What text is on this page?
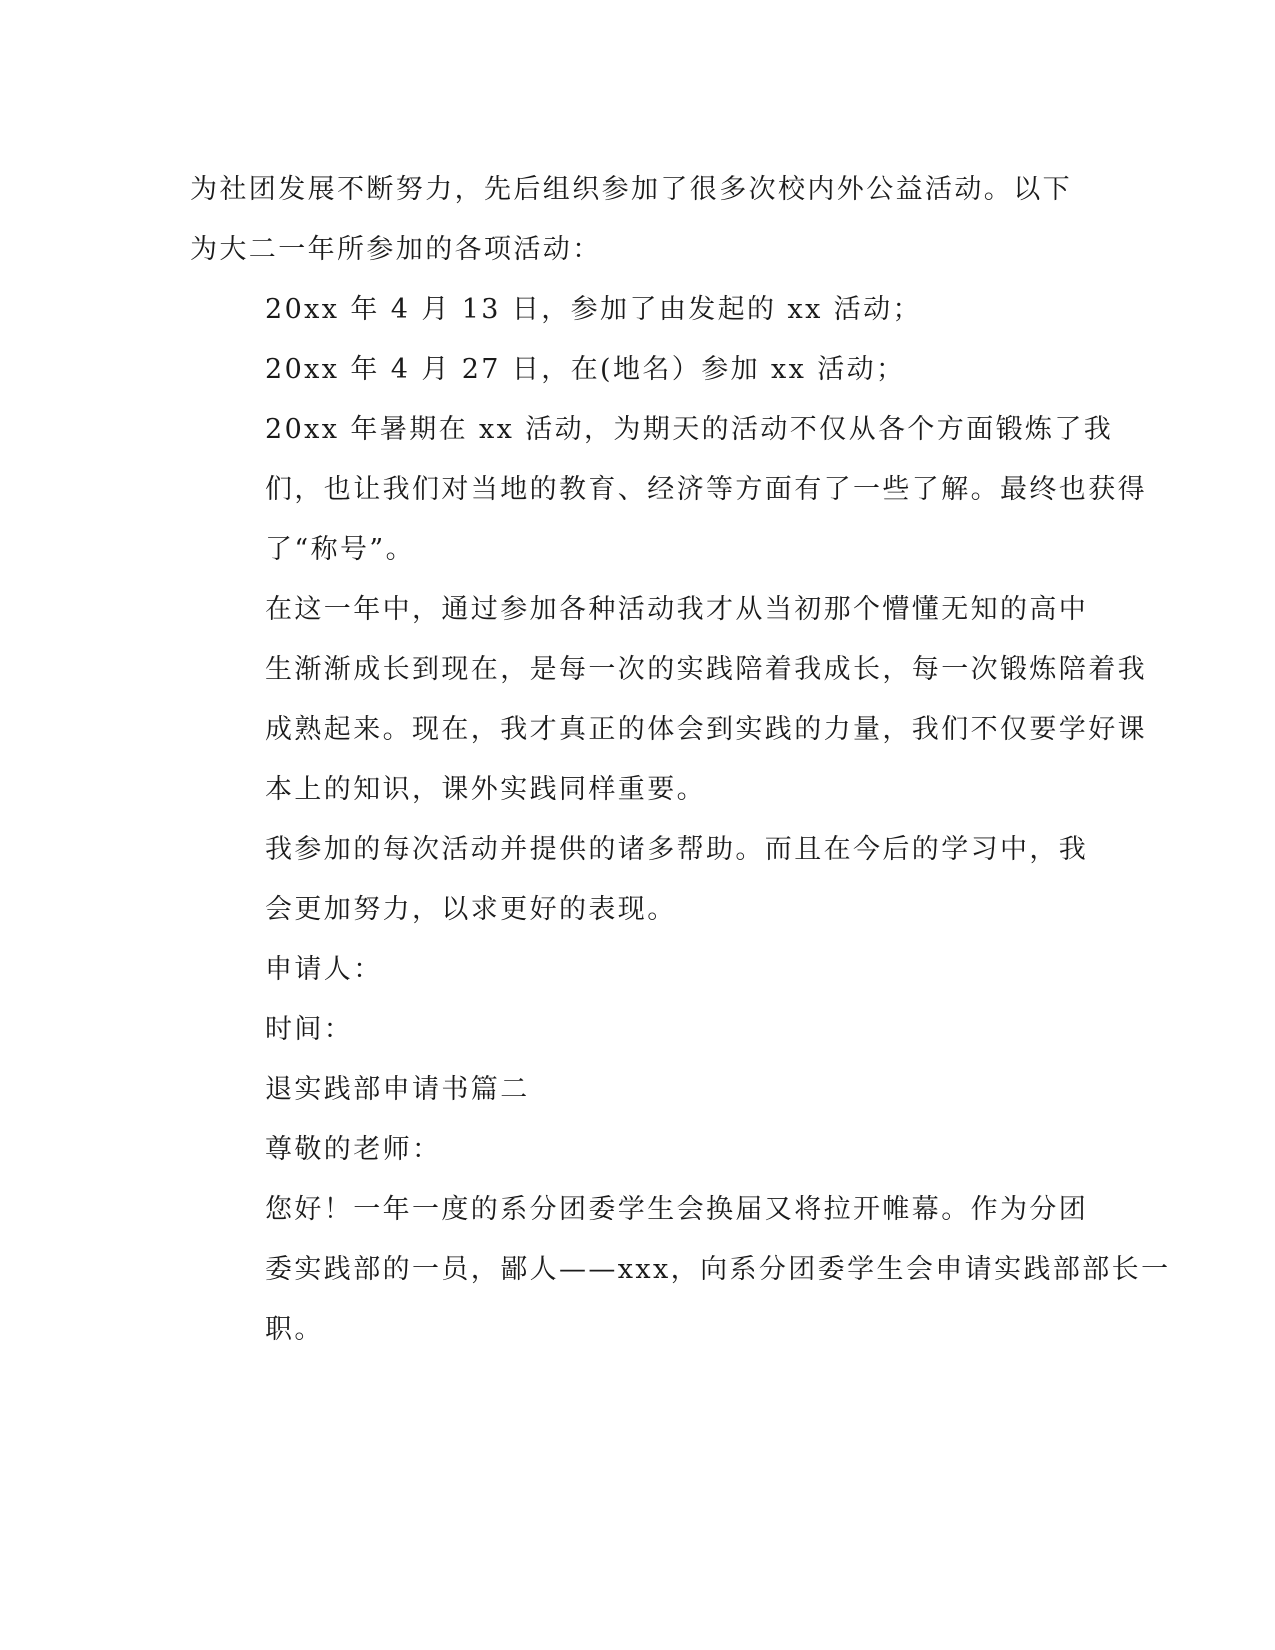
为社团发展不断努力，先后组织参加了很多次校内外公益活动。以下
为大二一年所参加的各项活动：

20xx 年 4 月 13 日，参加了由发起的 xx 活动；

20xx 年 4 月 27 日，在(地名）参加 xx 活动；

20xx 年暑期在 xx 活动，为期天的活动不仅从各个方面锻炼了我
们，也让我们对当地的教育、经济等方面有了一些了解。最终也获得
了“称号”。

在这一年中，通过参加各种活动我才从当初那个懵懂无知的高中
生渐渐成长到现在，是每一次的实践陪着我成长，每一次锻炼陪着我
成熟起来。现在，我才真正的体会到实践的力量，我们不仅要学好课
本上的知识，课外实践同样重要。

我参加的每次活动并提供的诸多帮助。而且在今后的学习中，我
会更加努力，以求更好的表现。

申请人：

时间：

退实践部申请书篇二

尊敬的老师：

您好！一年一度的系分团委学生会换届又将拉开帷幕。作为分团
委实践部的一员，鄙人——xxx，向系分团委学生会申请实践部部长一
职。
